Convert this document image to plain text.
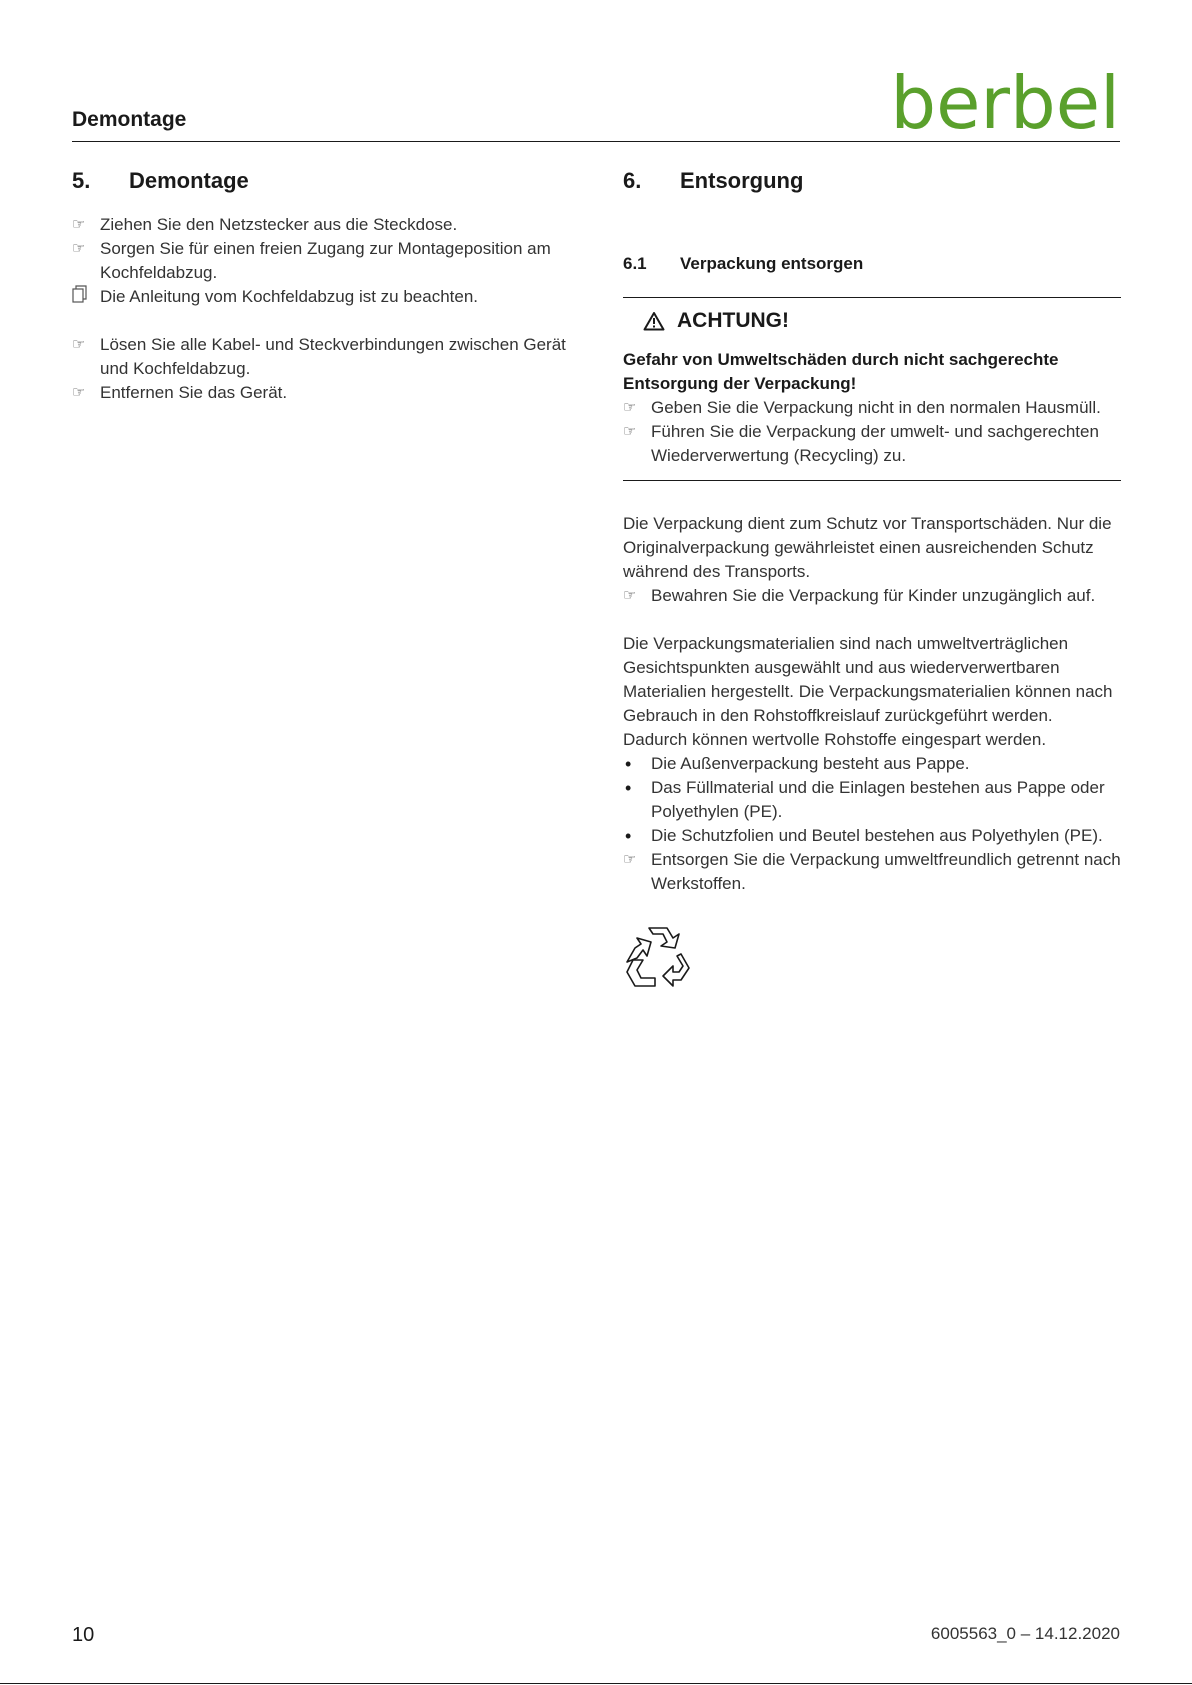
Demontage	berbel
5.	Demontage
☞ Ziehen Sie den Netzstecker aus die Steckdose.
☞ Sorgen Sie für einen freien Zugang zur Montageposition am Kochfeldabzug.
Die Anleitung vom Kochfeldabzug ist zu beachten.
☞ Lösen Sie alle Kabel- und Steckverbindungen zwischen Gerät und Kochfeldabzug.
☞ Entfernen Sie das Gerät.
6.	Entsorgung
6.1	Verpackung entsorgen
ACHTUNG!

Gefahr von Umweltschäden durch nicht sachgerechte Entsorgung der Verpackung!

☞ Geben Sie die Verpackung nicht in den normalen Hausmüll.
☞ Führen Sie die Verpackung der umwelt- und sachgerechten Wiederverwertung (Recycling) zu.

Die Verpackung dient zum Schutz vor Transportschäden. Nur die Originalverpackung gewährleistet einen ausreichenden Schutz während des Transports.

☞ Bewahren Sie die Verpackung für Kinder unzugänglich auf.

Die Verpackungsmaterialien sind nach umweltverträglichen Gesichtspunkten ausgewählt und aus wiederverwertbaren Materialien hergestellt. Die Verpackungsmaterialien können nach Gebrauch in den Rohstoffkreislauf zurückgeführt werden. Dadurch können wertvolle Rohstoffe eingespart werden.

•	Die Außenverpackung besteht aus Pappe.
•	Das Füllmaterial und die Einlagen bestehen aus Pappe oder Polyethylen (PE).
•	Die Schutzfolien und Beutel bestehen aus Polyethylen (PE).
☞ Entsorgen Sie die Verpackung umweltfreundlich getrennt nach Werkstoffen.
10	6005563_0 – 14.12.2020
